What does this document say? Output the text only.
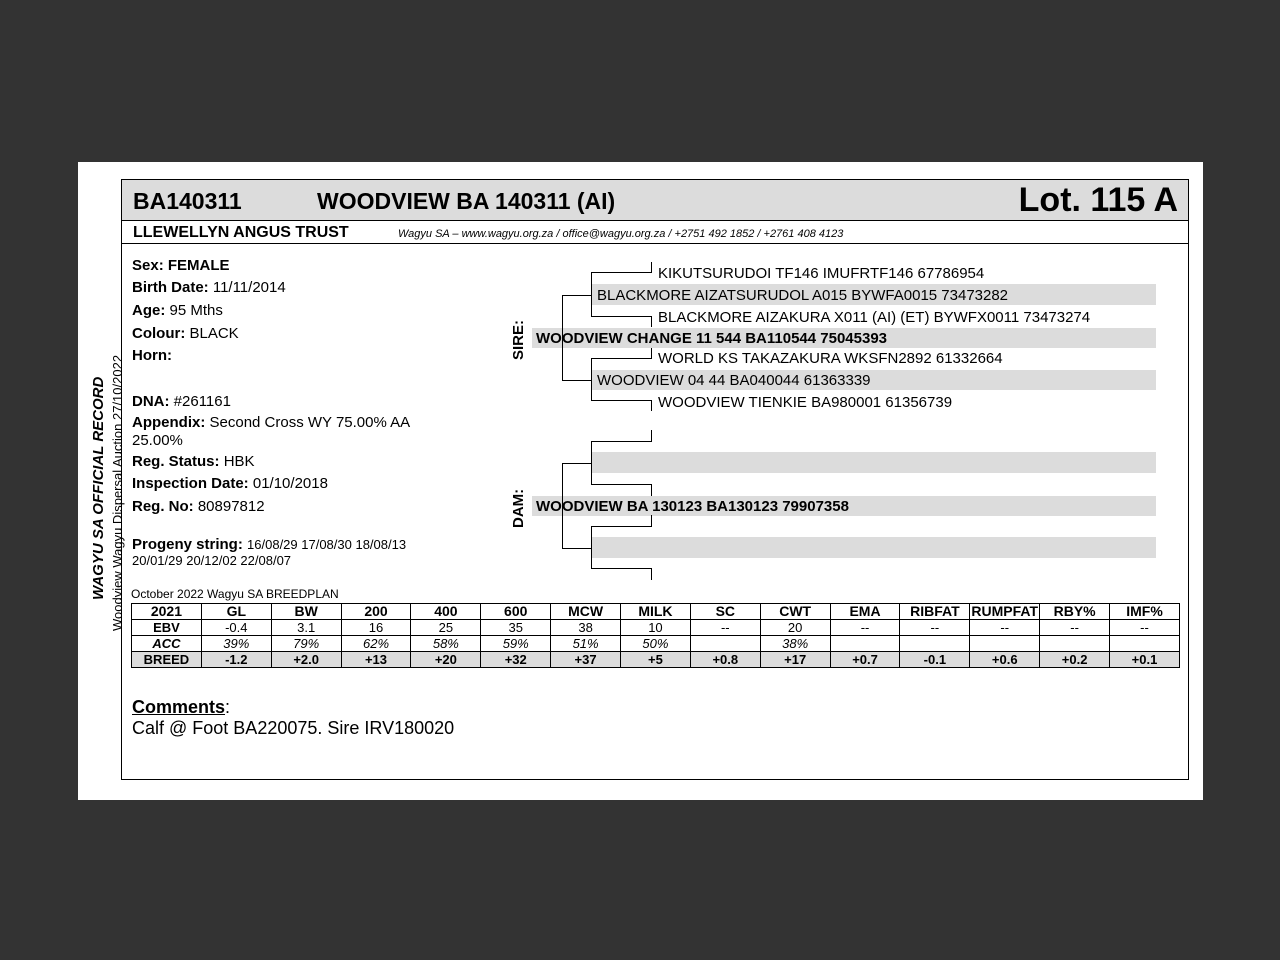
WAGYU SA OFFICIAL RECORD Woodview Wagyu Dispersal Auction 27/10/2022
BA140311	WOODVIEW BA 140311 (AI)	Lot. 115 A
LLEWELLYN ANGUS TRUST	Wagyu SA – www.wagyu.org.za / office@wagyu.org.za / +2751 492 1852 / +2761 408 4123
Sex: FEMALE
Birth Date: 11/11/2014
Age: 95 Mths
Colour: BLACK
Horn:
DNA: #261161
Appendix: Second Cross WY 75.00% AA
25.00%
Reg. Status: HBK
Inspection Date: 01/10/2018
Reg. No: 80897812
Progeny string: 16/08/29 17/08/30 18/08/13
20/01/29 20/12/02 22/08/07
SIRE:
DAM:
KIKUTSURUDOI TF146 IMUFRTF146 67786954
BLACKMORE AIZATSURUDOL A015 BYWFA0015 73473282
BLACKMORE AIZAKURA X011 (AI) (ET) BYWFX0011 73473274
WOODVIEW CHANGE 11 544 BA110544 75045393
WORLD KS TAKAZAKURA WKSFN2892 61332664
WOODVIEW 04 44 BA040044 61363339
WOODVIEW TIENKIE BA980001 61356739
WOODVIEW BA 130123 BA130123 79907358
October 2022 Wagyu SA BREEDPLAN
2021	GL	BW	200	400	600	MCW	MILK	SC	CWT	EMA	RIBFAT	RUMPFAT	RBY%	IMF%
EBV	-0.4	3.1	16	25	35	38	10	--	20	--	--	--	--	--
ACC	39%	79%	62%	58%	59%	51%	50%		38%					
BREED	-1.2	+2.0	+13	+20	+32	+37	+5	+0.8	+17	+0.7	-0.1	+0.6	+0.2	+0.1
Comments:
Calf @ Foot BA220075. Sire IRV180020
